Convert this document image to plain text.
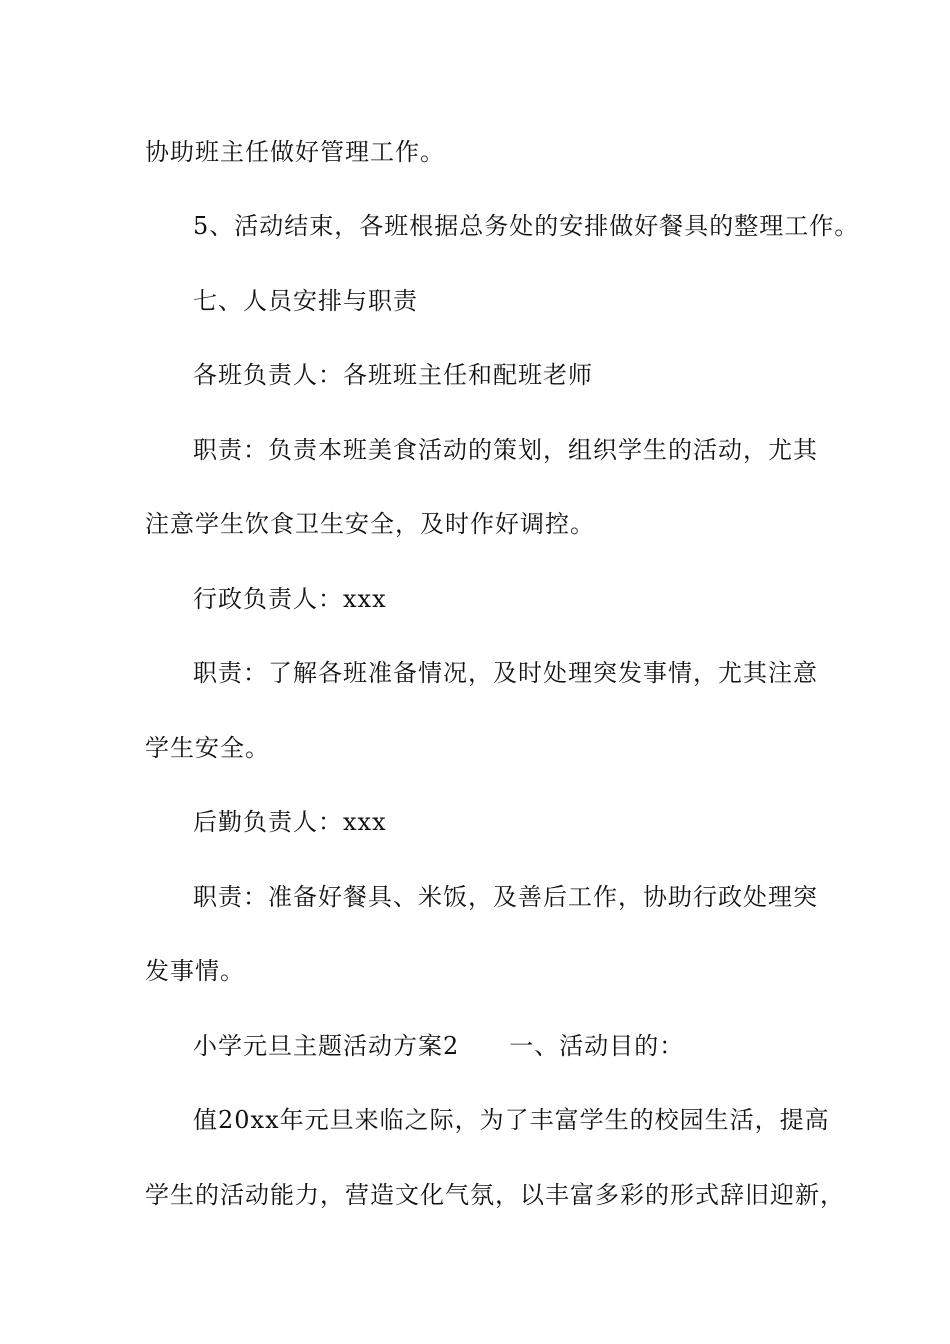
协助班主任做好管理工作。
5、活动结束，各班根据总务处的安排做好餐具的整理工作。
七、人员安排与职责
各班负责人：各班班主任和配班老师
职责：负责本班美食活动的策划，组织学生的活动，尤其
注意学生饮食卫生安全，及时作好调控。
行政负责人：xxx
职责：了解各班准备情况，及时处理突发事情，尤其注意
学生安全。
后勤负责人：xxx
职责：准备好餐具、米饭，及善后工作，协助行政处理突
发事情。
小学元旦主题活动方案2　　一、活动目的：
值20xx年元旦来临之际，为了丰富学生的校园生活，提高
学生的活动能力，营造文化气氛，以丰富多彩的形式辞旧迎新，
